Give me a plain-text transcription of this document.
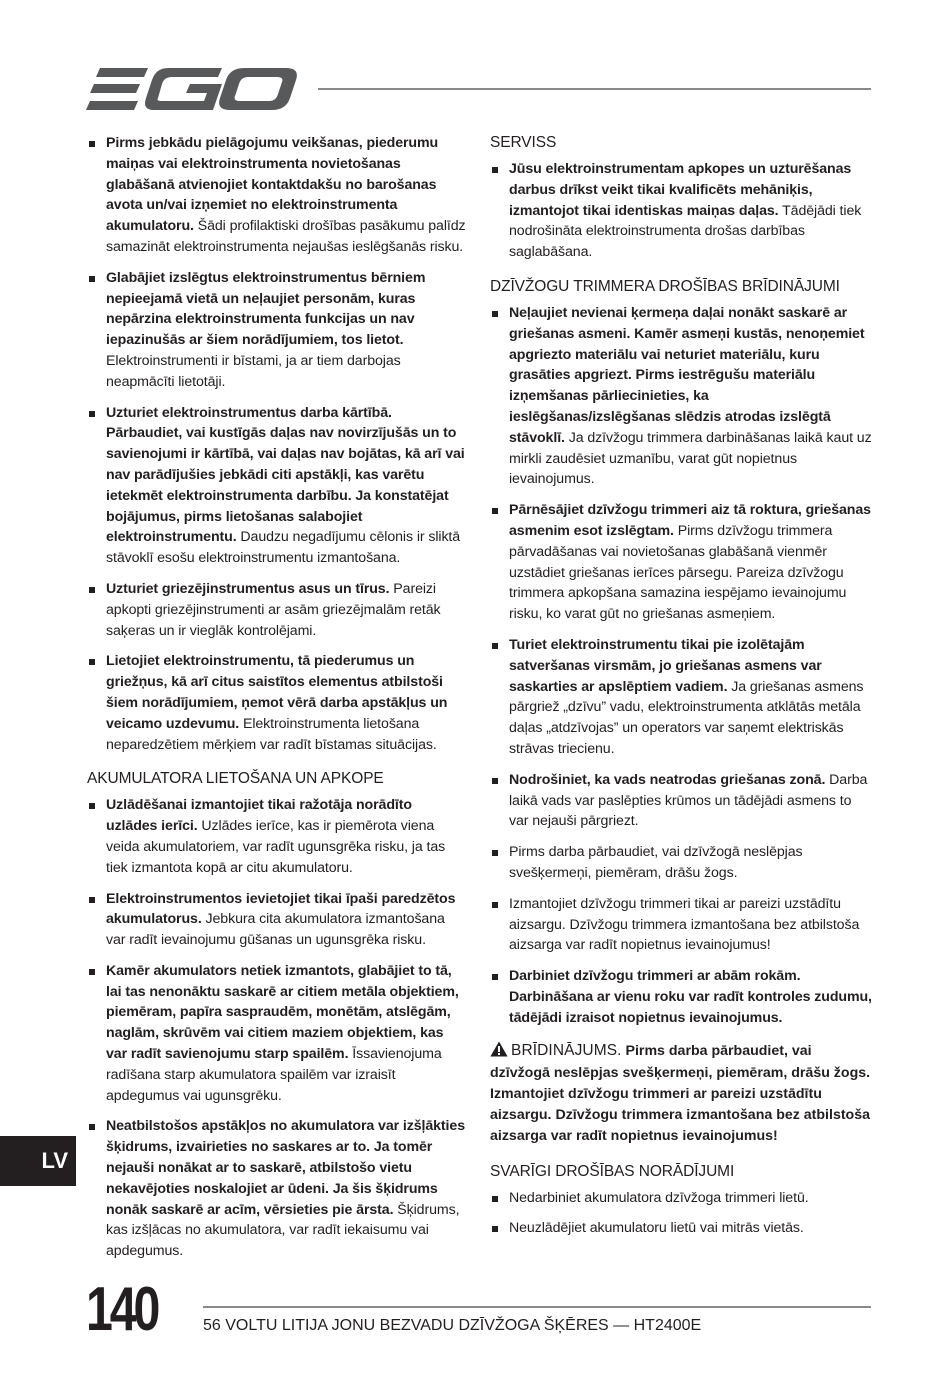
Pirms jebkādu pielāgojumu veikšanas, piederumu maiņas vai elektroinstrumenta novietošanas glabāšanā atvienojiet kontaktdakšu no barošanas avota un/vai izņemiet no elektroinstrumenta akumulatoru. Šādi profilaktiski drošības pasākumu palīdz samazināt elektroinstrumenta nejaušas ieslēgšanās risku.
Glabājiet izslēgtus elektroinstrumentus bērniem nepieejamā vietā un neļaujiet personām, kuras nepārzina elektroinstrumenta funkcijas un nav iepazinušās ar šiem norādījumiem, tos lietot. Elektroinstrumenti ir bīstami, ja ar tiem darbojas neapmācīti lietotāji.
Uzturiet elektroinstrumentus darba kārtībā. Pārbaudiet, vai kustīgās daļas nav novirzījušās un to savienojumi ir kārtībā, vai daļas nav bojātas, kā arī vai nav parādījušies jebkādi citi apstākļi, kas varētu ietekmēt elektroinstrumenta darbību. Ja konstatējat bojājumus, pirms lietošanas salabojiet elektroinstrumentu. Daudzu negadījumu cēlonis ir sliktā stāvoklī esošu elektroinstrumentu izmantošana.
Uzturiet griezējinstrumentus asus un tīrus. Pareizi apkopti griezējinstrumenti ar asām griezējmalām retāk saķeras un ir vieglāk kontrolējami.
Lietojiet elektroinstrumentu, tā piederumus un griežņus, kā arī citus saistītos elementus atbilstoši šiem norādījumiem, ņemot vērā darba apstākļus un veicamo uzdevumu. Elektroinstrumenta lietošana neparedzētiem mērķiem var radīt bīstamas situācijas.
AKUMULATORA LIETOŠANA UN APKOPE
Uzlādēšanai izmantojiet tikai ražotāja norādīto uzlādes ierīci. Uzlādes ierīce, kas ir piemērota viena veida akumulatoriem, var radīt ugunsgrēka risku, ja tas tiek izmantota kopā ar citu akumulatoru.
Elektroinstrumentos ievietojiet tikai īpaši paredzētos akumulatorus. Jebkura cita akumulatora izmantošana var radīt ievainojumu gūšanas un ugunsgrēka risku.
Kamēr akumulators netiek izmantots, glabājiet to tā, lai tas nenonāktu saskarē ar citiem metāla objektiem, piemēram, papīra saspraudēm, monētām, atslēgām, naglām, skrūvēm vai citiem maziem objektiem, kas var radīt savienojumu starp spailēm. Īssavienojuma radīšana starp akumulatora spailēm var izraisīt apdegumus vai ugunsgrēku.
Neatbilstošos apstākļos no akumulatora var izšļākties šķidrums, izvairieties no saskares ar to. Ja tomēr nejauši nonākat ar to saskarē, atbilstošo vietu nekavējoties noskalojiet ar ūdeni. Ja šis šķidrums nonāk saskarē ar acīm, vērsieties pie ārsta. Šķidrums, kas izšļācas no akumulatora, var radīt iekaisumu vai apdegumus.
SERVISS
Jūsu elektroinstrumentam apkopes un uzturēšanas darbus drīkst veikt tikai kvalificēts mehāniķis, izmantojot tikai identiskas maiņas daļas. Tādējādi tiek nodrošināta elektroinstrumenta drošas darbības saglabāšana.
DZĪVŽOGU TRIMMERA DROŠĪBAS BRĪDINĀJUMI
Neļaujiet nevienai ķermeņa daļai nonākt saskarē ar griešanas asmeni. Kamēr asmeņi kustās, nenoņemiet apgriezto materiālu vai neturiet materiālu, kuru grasāties apgriezt. Pirms iestrēgušu materiālu izņemšanas pārliecinieties, ka ieslēgšanas/izslēgšanas slēdzis atrodas izslēgtā stāvoklī. Ja dzīvžogu trimmera darbināšanas laikā kaut uz mirkli zaudēsiet uzmanību, varat gūt nopietnus ievainojumus.
Pārnēsājiet dzīvžogu trimmeri aiz tā roktura, griešanas asmenim esot izslēgtam. Pirms dzīvžogu trimmera pārvadāšanas vai novietošanas glabāšanā vienmēr uzstādiet griešanas ierīces pārsegu. Pareiza dzīvžogu trimmera apkopšana samazina iespējamo ievainojumu risku, ko varat gūt no griešanas asmeņiem.
Turiet elektroinstrumentu tikai pie izolētajām satveršanas virsmām, jo griešanas asmens var saskarties ar apslēptiem vadiem. Ja griešanas asmens pārgriež „dzīvu” vadu, elektroinstrumenta atklātās metāla daļas „atdzīvojas” un operators var saņemt elektriskās strāvas triecienu.
Nodrošiniet, ka vads neatrodas griešanas zonā. Darba laikā vads var paslēpties krūmos un tādējādi asmens to var nejauši pārgriezt.
Pirms darba pārbaudiet, vai dzīvžogā neslēpjas svešķermeņi, piemēram, drāšu žogs.
Izmantojiet dzīvžogu trimmeri tikai ar pareizi uzstādītu aizsargu. Dzīvžogu trimmera izmantošana bez atbilstoša aizsarga var radīt nopietnus ievainojumus!
Darbiniet dzīvžogu trimmeri ar abām rokām. Darbināšana ar vienu roku var radīt kontroles zudumu, tādējādi izraisot nopietnus ievainojumus.
BRĪDINĀJUMS. Pirms darba pārbaudiet, vai dzīvžogā neslēpjas svešķermeņi, piemēram, drāšu žogs. Izmantojiet dzīvžogu trimmeri ar pareizi uzstādītu aizsargu. Dzīvžogu trimmera izmantošana bez atbilstoša aizsarga var radīt nopietnus ievainojumus!
SVARĪGI DROŠĪBAS NORĀDĪJUMI
Nedarbiniet akumulatora dzīvžoga trimmeri lietū.
Neuzlādējiet akumulatoru lietū vai mitrās vietās.
LV
140	56 VOLTU LITIJA JONU BEZVADU DZĪVŽOGA ŠĶĒRES — HT2400E
